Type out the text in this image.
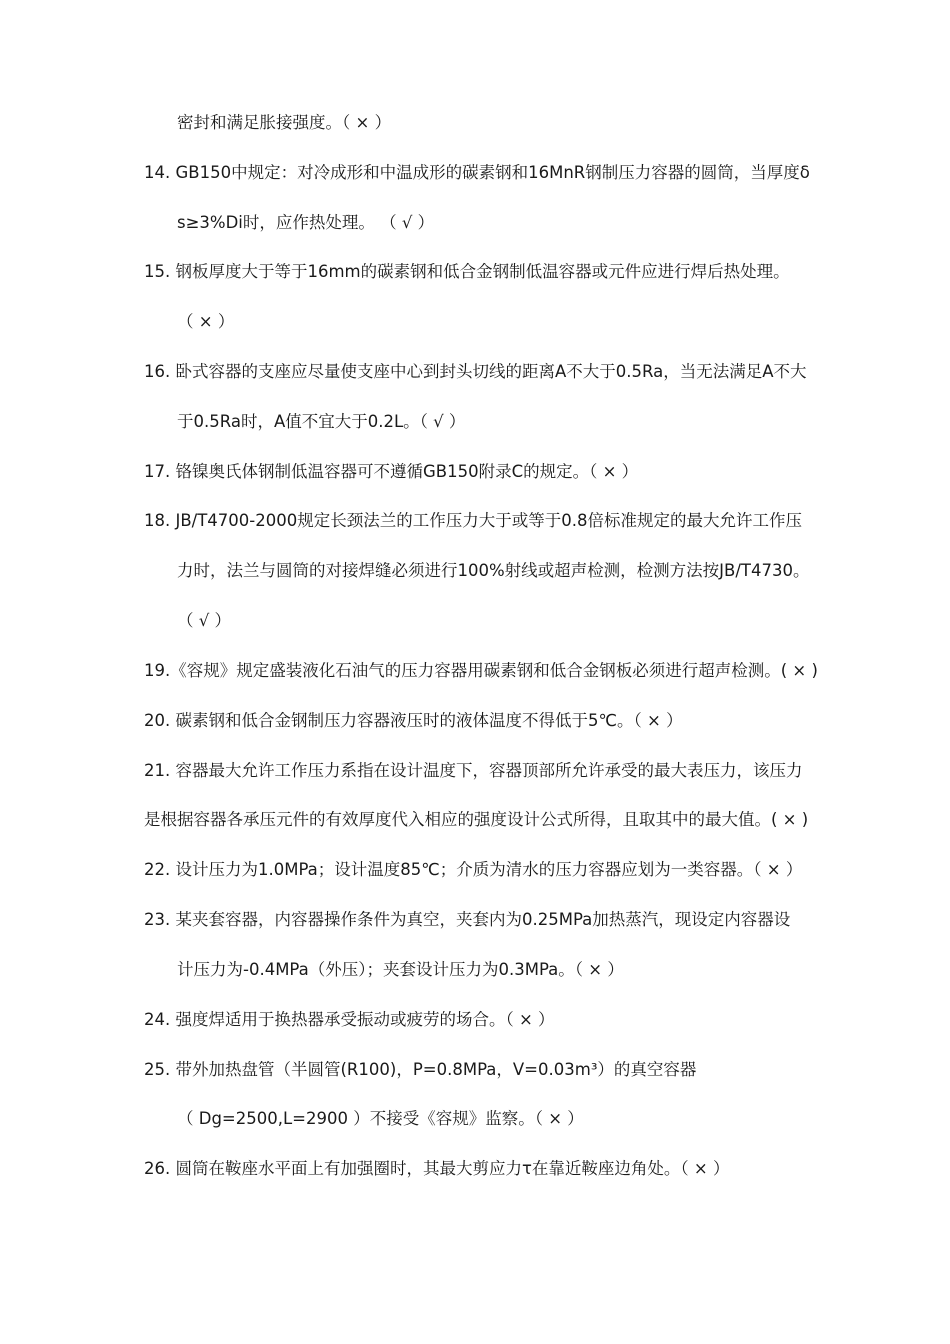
密封和满足胀接强度。（ × ）
14. GB150中规定：对冷成形和中温成形的碳素钢和16MnR钢制压力容器的圆筒，当厚度δ
s≥3%Di时，应作热处理。 （ √ ）
15. 钢板厚度大于等于16mm的碳素钢和低合金钢制低温容器或元件应进行焊后热处理。
（ × ）
16. 卧式容器的支座应尽量使支座中心到封头切线的距离A不大于0.5Ra，当无法满足A不大
于0.5Ra时，A值不宜大于0.2L。（ √ ）
17. 铬镍奥氏体钢制低温容器可不遵循GB150附录C的规定。（ × ）
18. JB/T4700-2000规定长颈法兰的工作压力大于或等于0.8倍标准规定的最大允许工作压
力时，法兰与圆筒的对接焊缝必须进行100%射线或超声检测，检测方法按JB/T4730。
（ √ ）
19.《容规》规定盛装液化石油气的压力容器用碳素钢和低合金钢板必须进行超声检测。( × )
20. 碳素钢和低合金钢制压力容器液压时的液体温度不得低于5℃。（ × ）
21. 容器最大允许工作压力系指在设计温度下，容器顶部所允许承受的最大表压力，该压力
是根据容器各承压元件的有效厚度代入相应的强度设计公式所得，且取其中的最大值。( × )
22. 设计压力为1.0MPa；设计温度85℃；介质为清水的压力容器应划为一类容器。（ × ）
23. 某夹套容器，内容器操作条件为真空，夹套内为0.25MPa加热蒸汽，现设定内容器设
计压力为-0.4MPa（外压）；夹套设计压力为0.3MPa。（ × ）
24. 强度焊适用于换热器承受振动或疲劳的场合。（ × ）
25. 带外加热盘管（半圆管(R100)，P=0.8MPa，V=0.03m³）的真空容器
（ Dg=2500,L=2900 ）不接受《容规》监察。（ × ）
26. 圆筒在鞍座水平面上有加强圈时，其最大剪应力τ在靠近鞍座边角处。（ × ）
